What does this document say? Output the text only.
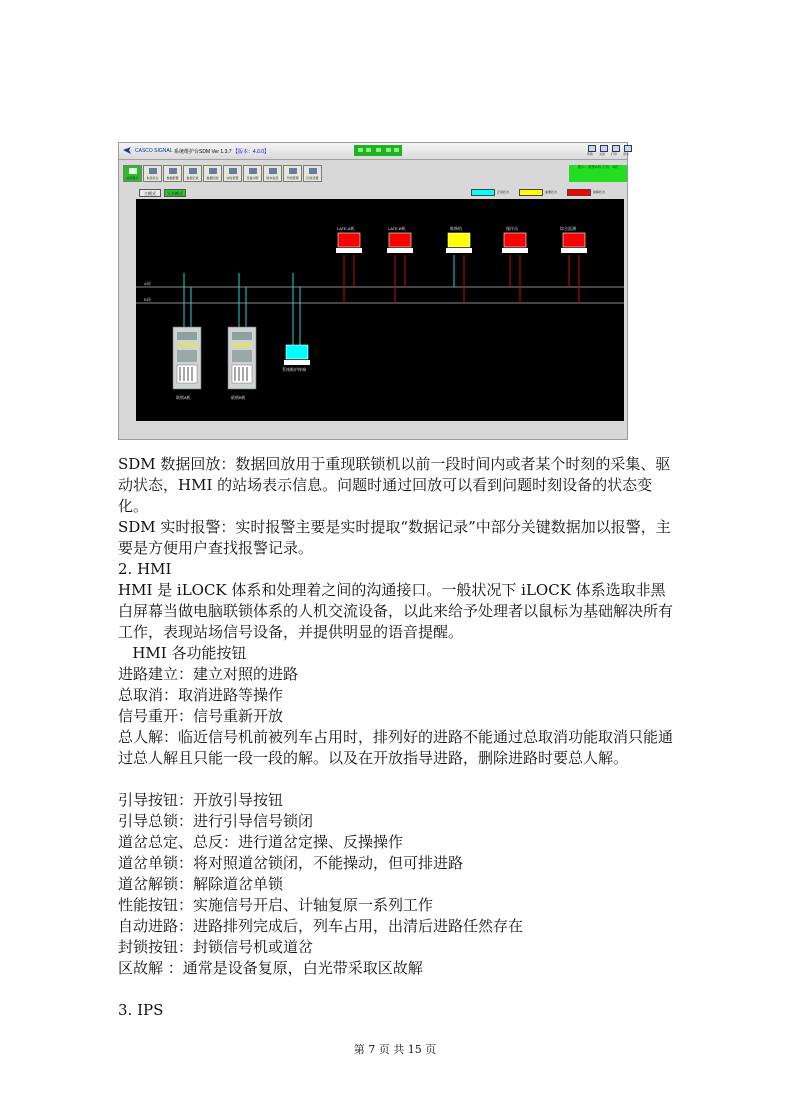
CASCO SIGNAL 系统维护台SDM Ver 1.3.7 【版本：4.0.0】	帮助	关闭	打印	退出
站场显示	系统状态	参数配置	数据记录	数据回放	实时报警	设备诊断	版本信息	升级管理	回放设置
提示：联锁A机 主机：A机
主模式	冗余模式	正常状态	重要状态	故障状态
A网
B网
LATE-A机	LATE-B机	维修机	操作员	综合监测
联锁A机	联锁B机
系统维护终端

SDM 数据回放：数据回放用于重现联锁机以前一段时间内或者某个时刻的采集、驱动状态，HMI 的站场表示信息。问题时通过回放可以看到问题时刻设备的状态变化。

SDM 实时报警：实时报警主要是实时提取“数据记录”中部分关键数据加以报警，主要是方便用户查找报警记录。

2. HMI

HMI 是 iLOCK 体系和处理着之间的沟通接口。一般状况下 iLOCK 体系选取非黑白屏幕当做电脑联锁体系的人机交流设备，以此来给予处理者以鼠标为基础解决所有工作，表现站场信号设备，并提供明显的语音提醒。

HMI 各功能按钮

进路建立：建立对照的进路

总取消：取消进路等操作

信号重开：信号重新开放

总人解：临近信号机前被列车占用时，排列好的进路不能通过总取消功能取消只能通过总人解且只能一段一段的解。以及在开放指导进路，删除进路时要总人解。

引导按钮：开放引导按钮

引导总锁：进行引导信号锁闭

道岔总定、总反：进行道岔定操、反操操作

道岔单锁：将对照道岔锁闭，不能操动，但可排进路

道岔解锁：解除道岔单锁

性能按钮：实施信号开启、计轴复原一系列工作

自动进路：进路排列完成后，列车占用，出清后进路任然存在

封锁按钮：封锁信号机或道岔

区故解 ：通常是设备复原，白光带采取区故解

3. IPS

第 7 页 共 15 页
